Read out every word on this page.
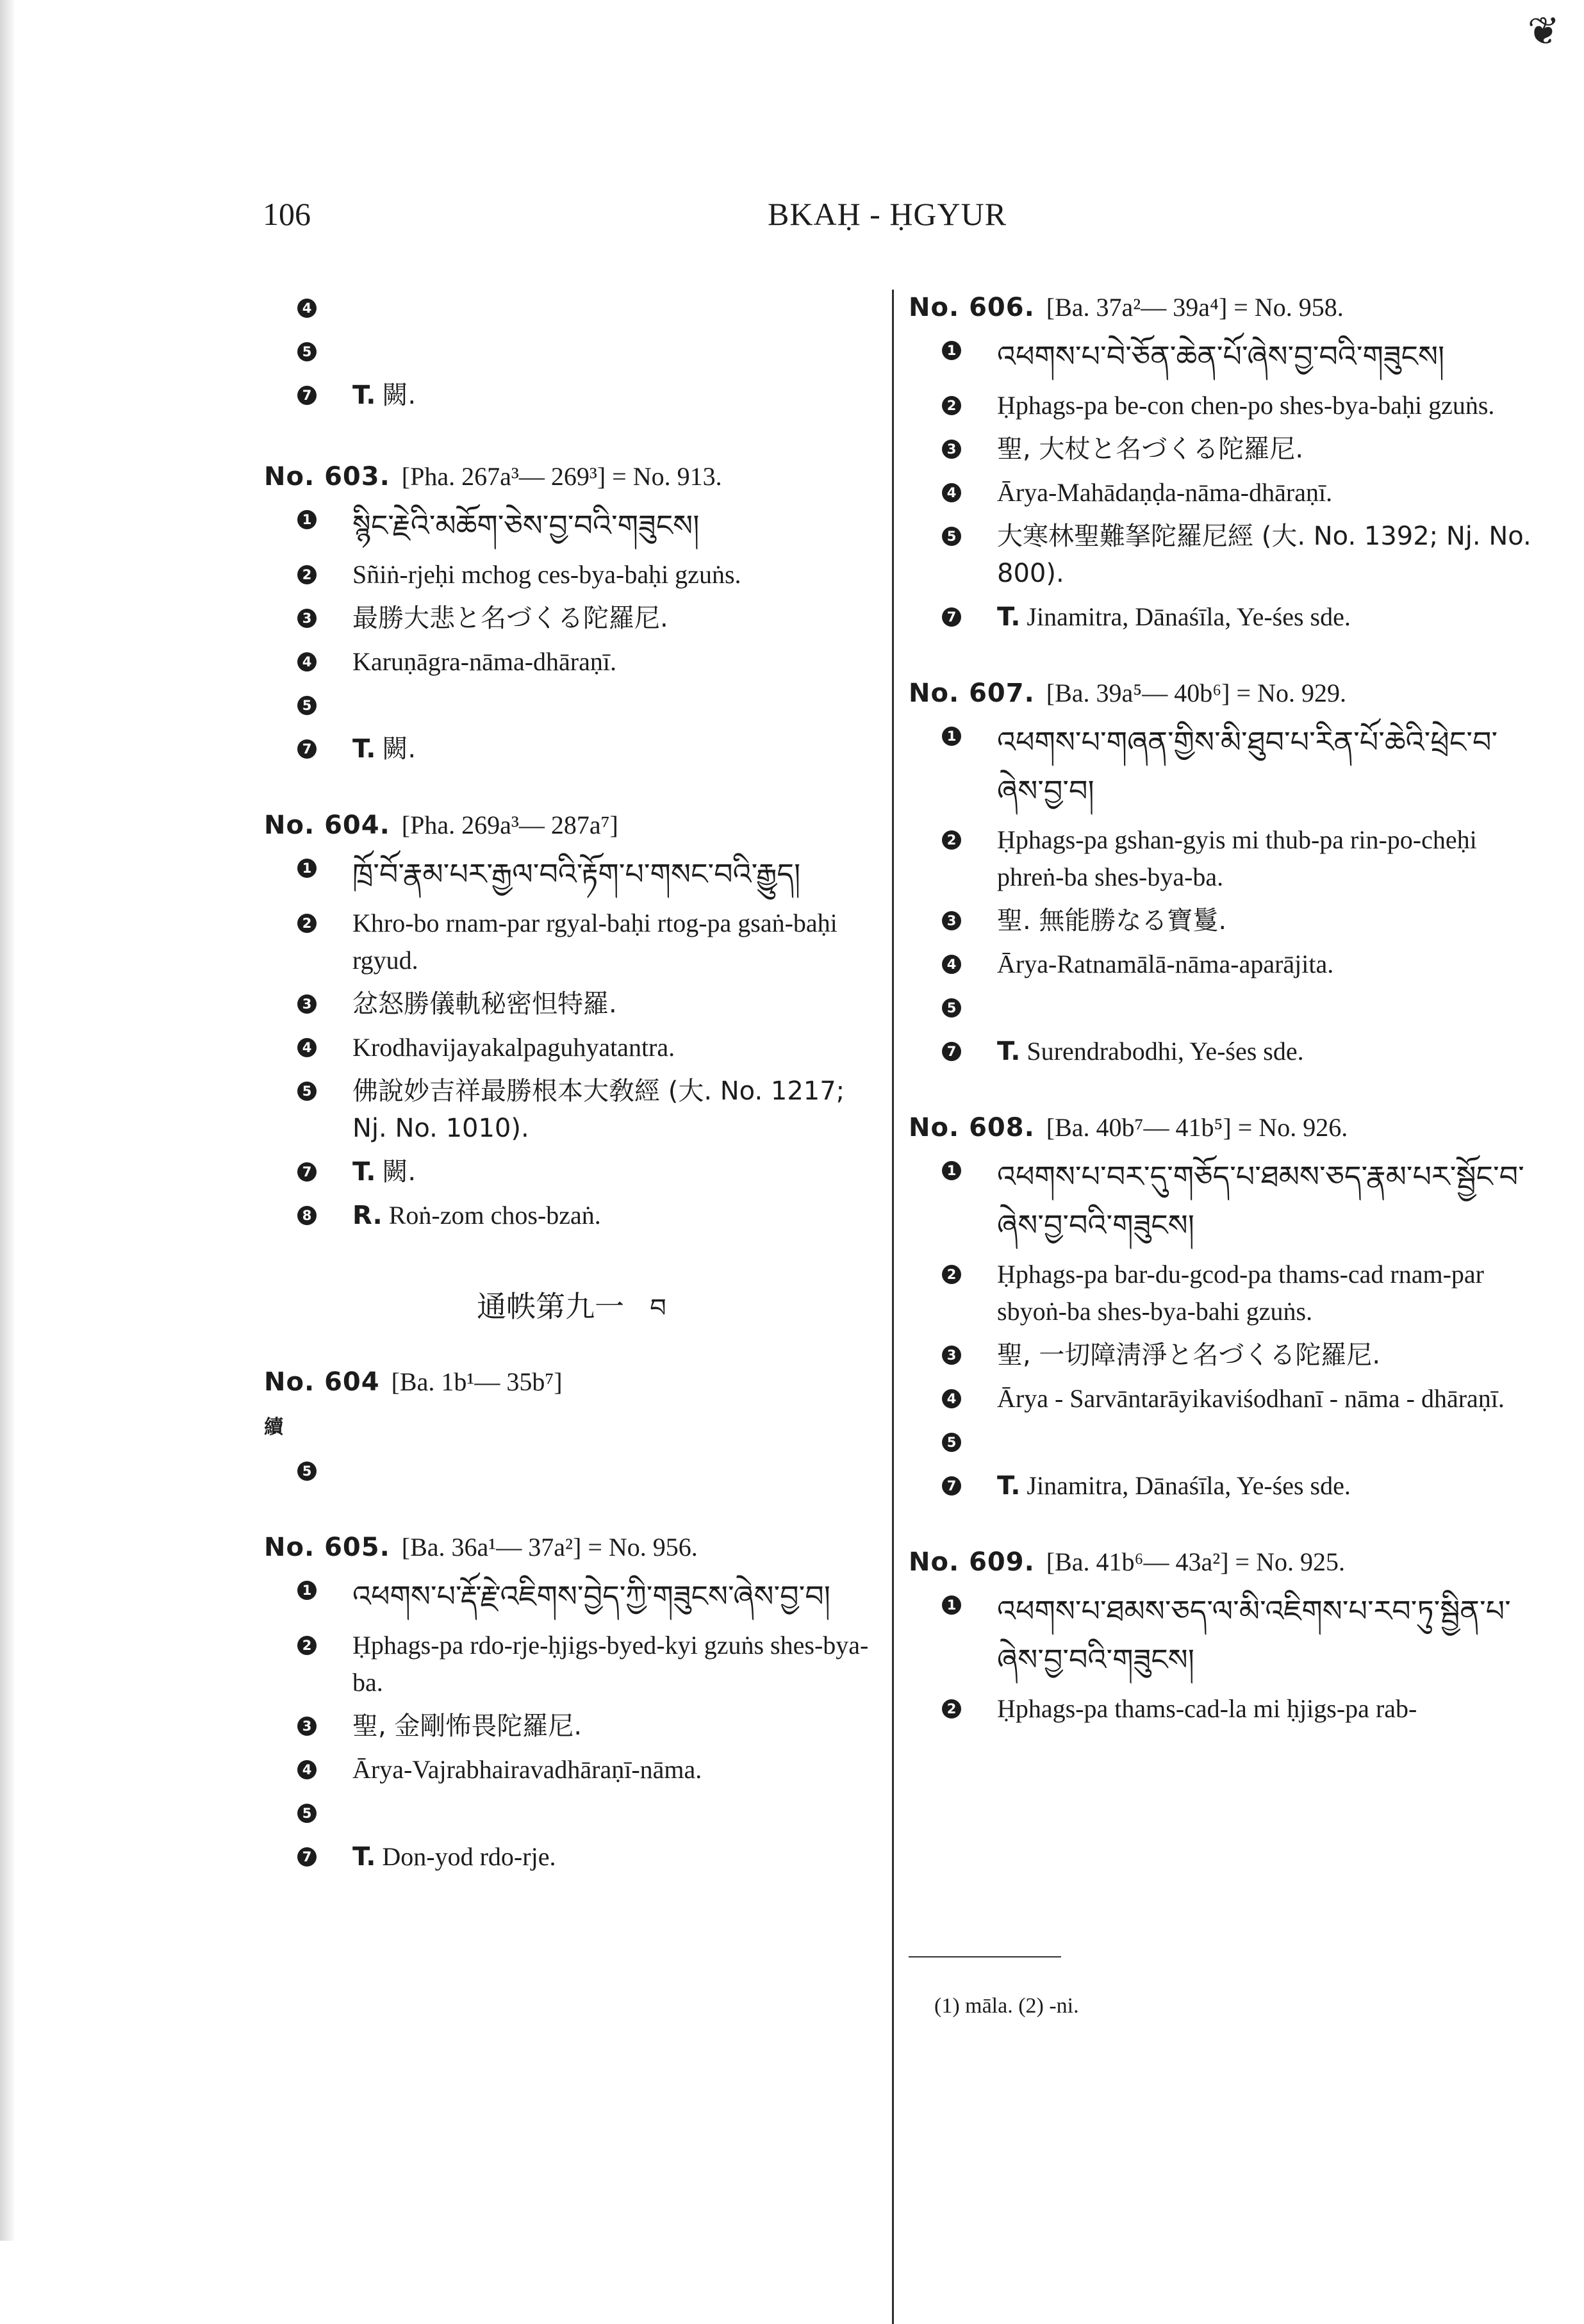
❦
106	BKAḤ - ḤGYUR
4

5

7 T. 闕.
No. 603. [Pha. 267a³— 269³] = No. 913.
1 སྙིང་རྗེའི་མཆོག་ཅེས་བྱ་བའི་གཟུངས།
2 Sñiṅ-rjeḥi mchog ces-bya-baḥi gzuṅs.
3 最勝大悲と名づくる陀羅尼.
4 Karuṇāgra-nāma-dhāraṇī.
5

7 T. 闕.
No. 604. [Pha. 269a³— 287a⁷]
1 ཁྲོ་བོ་རྣམ་པར་རྒྱལ་བའི་རྟོག་པ་གསང་བའི་རྒྱུད།
2 Khro-bo rnam-par rgyal-baḥi rtog-pa gsaṅ-baḥi rgyud.
3 忿怒勝儀軌秘密怛特羅.
4 Krodhavijayakalpaguhyatantra.
5 佛說妙吉祥最勝根本大敎經 (大. No. 1217; Nj. No. 1010).
7 T. 闕.
8 R. Roṅ-zom chos-bzaṅ.
通帙第九一 བ
No. 604 [Ba. 1b¹— 35b⁷]
續
5

No. 605. [Ba. 36a¹— 37a²] = No. 956.
1 འཕགས་པ་རྡོ་རྗེ་འཇིགས་བྱེད་ཀྱི་གཟུངས་ཞེས་བྱ་བ།
2 Ḥphags-pa rdo-rje-ḥjigs-byed-kyi gzuṅs shes-bya-ba.
3 聖, 金剛怖畏陀羅尼.
4 Ārya-Vajrabhairavadhāraṇī-nāma.
5

7 T. Don-yod rdo-rje.
No. 606. [Ba. 37a²— 39a⁴] = No. 958.
1 འཕགས་པ་བེ་ཅོན་ཆེན་པོ་ཞེས་བྱ་བའི་གཟུངས།
2 Ḥphags-pa be-con chen-po shes-bya-baḥi gzuṅs.
3 聖, 大杖と名づくる陀羅尼.
4 Ārya-Mahādaṇḍa-nāma-dhāraṇī.
5 大寒林聖難拏陀羅尼經 (大. No. 1392; Nj. No. 800).
7 T. Jinamitra, Dānaśīla, Ye-śes sde.
No. 607. [Ba. 39a⁵— 40b⁶] = No. 929.
1 འཕགས་པ་གཞན་གྱིས་མི་ཐུབ་པ་རིན་པོ་ཆེའི་ཕྲེང་བ་ཞེས་བྱ་བ།
2 Ḥphags-pa gshan-gyis mi thub-pa rin-po-cheḥi phreṅ-ba shes-bya-ba.
3 聖. 無能勝なる寶鬘.
4 Ārya-Ratnamālā-nāma-aparājita.
5

7 T. Surendrabodhi, Ye-śes sde.
No. 608. [Ba. 40b⁷— 41b⁵] = No. 926.
1 འཕགས་པ་བར་དུ་གཅོད་པ་ཐམས་ཅད་རྣམ་པར་སྦྱོང་བ་ཞེས་བྱ་བའི་གཟུངས།
2 Ḥphags-pa bar-du-gcod-pa thams-cad rnam-par sbyoṅ-ba shes-bya-bahi gzuṅs.
3 聖, 一切障淸淨と名づくる陀羅尼.
4 Ārya - Sarvāntarāyikaviśodhanī - nāma - dhāraṇī.
5

7 T. Jinamitra, Dānaśīla, Ye-śes sde.
No. 609. [Ba. 41b⁶— 43a²] = No. 925.
1 འཕགས་པ་ཐམས་ཅད་ལ་མི་འཇིགས་པ་རབ་ཏུ་སྦྱིན་པ་ཞེས་བྱ་བའི་གཟུངས།
2 Ḥphags-pa thams-cad-la mi ḥjigs-pa rab-
(1) māla. (2) -ni.
